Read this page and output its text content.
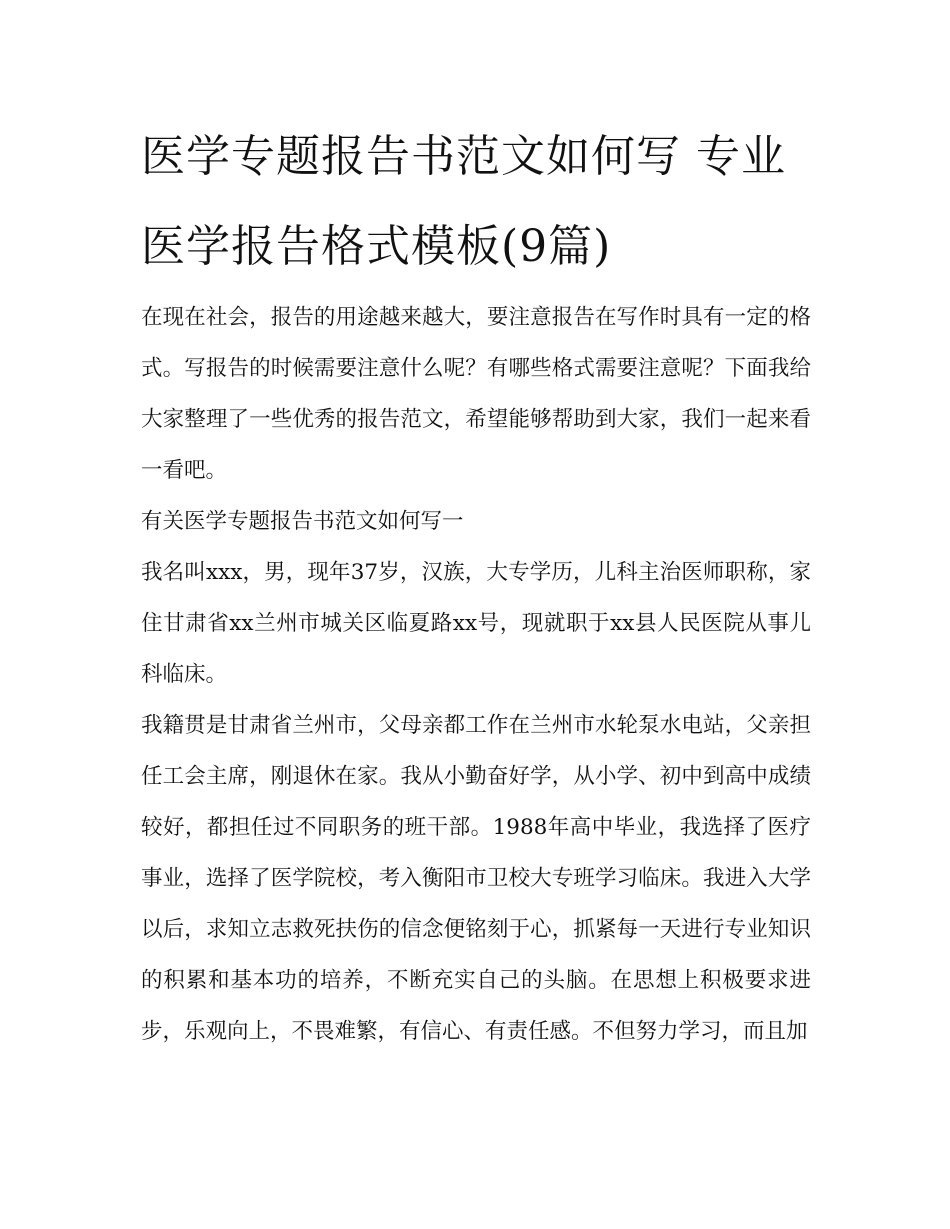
医学专题报告书范文如何写 专业医学报告格式模板(9篇)

在现在社会，报告的用途越来越大，要注意报告在写作时具有一定的格式。写报告的时候需要注意什么呢？有哪些格式需要注意呢？下面我给大家整理了一些优秀的报告范文，希望能够帮助到大家，我们一起来看一看吧。

有关医学专题报告书范文如何写一

我名叫xxx，男，现年37岁，汉族，大专学历，儿科主治医师职称，家住甘肃省xx兰州市城关区临夏路xx号，现就职于xx县人民医院从事儿科临床。

我籍贯是甘肃省兰州市，父母亲都工作在兰州市水轮泵水电站，父亲担任工会主席，刚退休在家。我从小勤奋好学，从小学、初中到高中成绩较好，都担任过不同职务的班干部。1988年高中毕业，我选择了医疗事业，选择了医学院校，考入衡阳市卫校大专班学习临床。我进入大学以后，求知立志救死扶伤的信念便铭刻于心，抓紧每一天进行专业知识的积累和基本功的培养，不断充实自己的头脑。在思想上积极要求进步，乐观向上，不畏难繁，有信心、有责任感。不但努力学习，而且加
